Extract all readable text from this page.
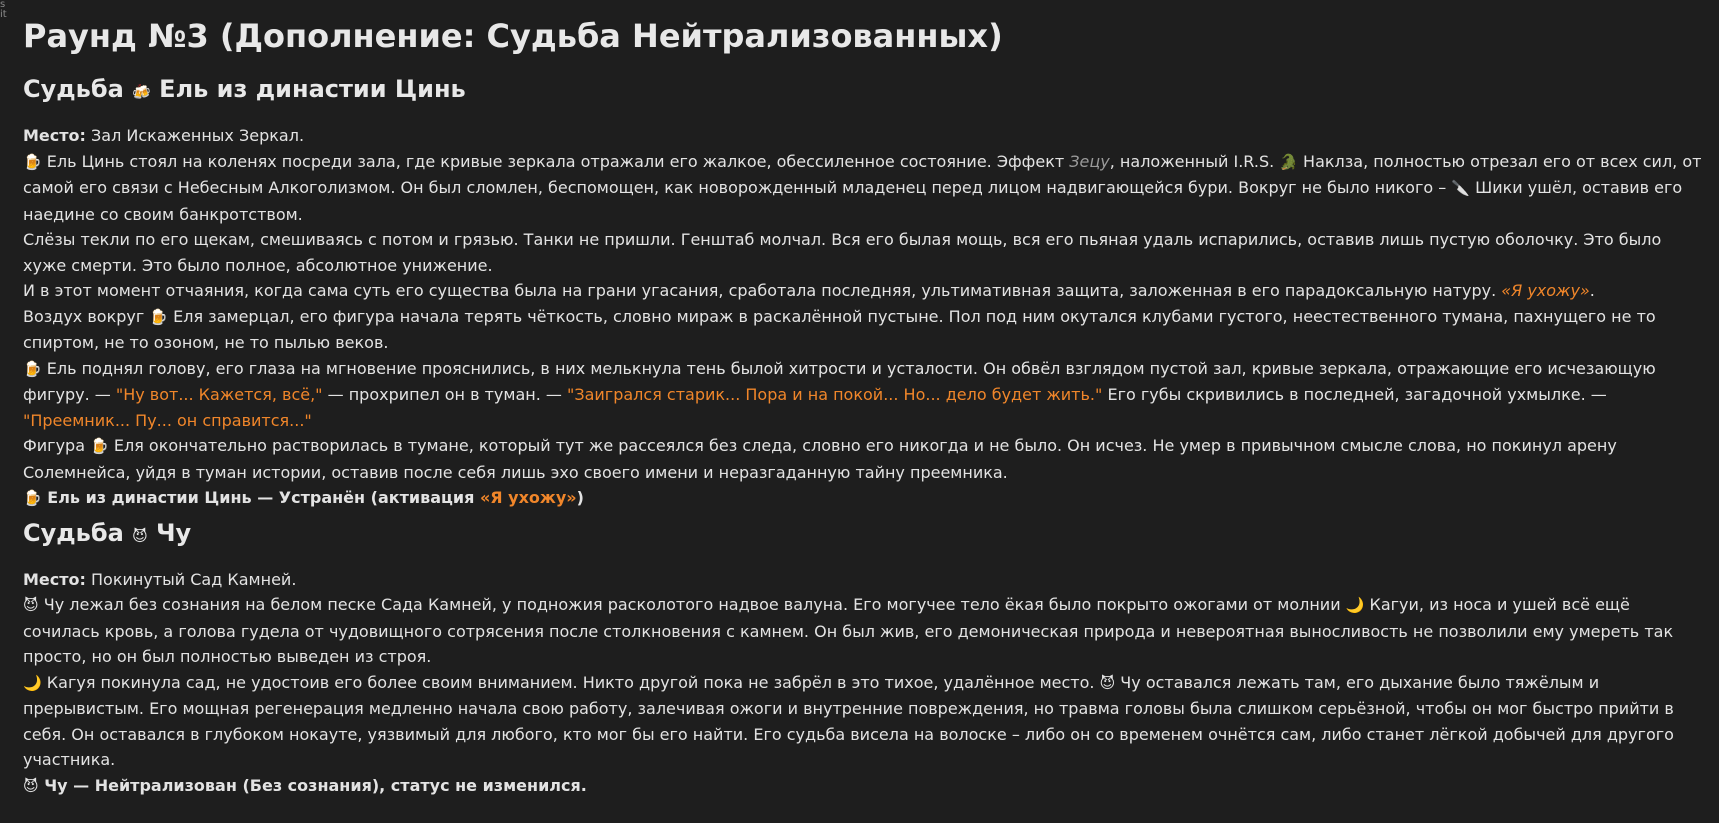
s
it
Раунд №3 (Дополнение: Судьба Нейтрализованных)
Судьба 🍻 Ель из династии Цинь

Место: Зал Искаженных Зеркал.

🍺 Ель Цинь стоял на коленях посреди зала, где кривые зеркала отражали его жалкое, обессиленное состояние. Эффект Зецу, наложенный I.R.S. 🐊 Наклза, полностью отрезал его от всех сил, от самой его связи с Небесным Алкоголизмом. Он был сломлен, беспомощен, как новорожденный младенец перед лицом надвигающейся бури. Вокруг не было никого – 🔪 Шики ушёл, оставив его наедине со своим банкротством.

Слёзы текли по его щекам, смешиваясь с потом и грязью. Танки не пришли. Генштаб молчал. Вся его былая мощь, вся его пьяная удаль испарились, оставив лишь пустую оболочку. Это было хуже смерти. Это было полное, абсолютное унижение.

И в этот момент отчаяния, когда сама суть его существа была на грани угасания, сработала последняя, ультимативная защита, заложенная в его парадоксальную натуру. «Я ухожу».

Воздух вокруг 🍺 Еля замерцал, его фигура начала терять чёткость, словно мираж в раскалённой пустыне. Пол под ним окутался клубами густого, неестественного тумана, пахнущего не то спиртом, не то озоном, не то пылью веков.

🍺 Ель поднял голову, его глаза на мгновение прояснились, в них мелькнула тень былой хитрости и усталости. Он обвёл взглядом пустой зал, кривые зеркала, отражающие его исчезающую фигуру. — "Ну вот... Кажется, всё," — прохрипел он в туман. — "Заигрался старик... Пора и на покой... Но... дело будет жить." Его губы скривились в последней, загадочной ухмылке. — "Преемник... Пу... он справится..."

Фигура 🍺 Еля окончательно растворилась в тумане, который тут же рассеялся без следа, словно его никогда и не было. Он исчез. Не умер в привычном смысле слова, но покинул арену Солемнейса, уйдя в туман истории, оставив после себя лишь эхо своего имени и неразгаданную тайну преемника.

🍺 Ель из династии Цинь — Устранён (активация «Я ухожу»)

Судьба 😈 Чу

Место: Покинутый Сад Камней.

😈 Чу лежал без сознания на белом песке Сада Камней, у подножия расколотого надвое валуна. Его могучее тело ёкая было покрыто ожогами от молнии 🌙 Кагуи, из носа и ушей всё ещё сочилась кровь, а голова гудела от чудовищного сотрясения после столкновения с камнем. Он был жив, его демоническая природа и невероятная выносливость не позволили ему умереть так просто, но он был полностью выведен из строя.

🌙 Кагуя покинула сад, не удостоив его более своим вниманием. Никто другой пока не забрёл в это тихое, удалённое место. 😈 Чу оставался лежать там, его дыхание было тяжёлым и прерывистым. Его мощная регенерация медленно начала свою работу, залечивая ожоги и внутренние повреждения, но травма головы была слишком серьёзной, чтобы он мог быстро прийти в себя. Он оставался в глубоком нокауте, уязвимый для любого, кто мог бы его найти. Его судьба висела на волоске – либо он со временем очнётся сам, либо станет лёгкой добычей для другого участника.

😈 Чу — Нейтрализован (Без сознания), статус не изменился.
